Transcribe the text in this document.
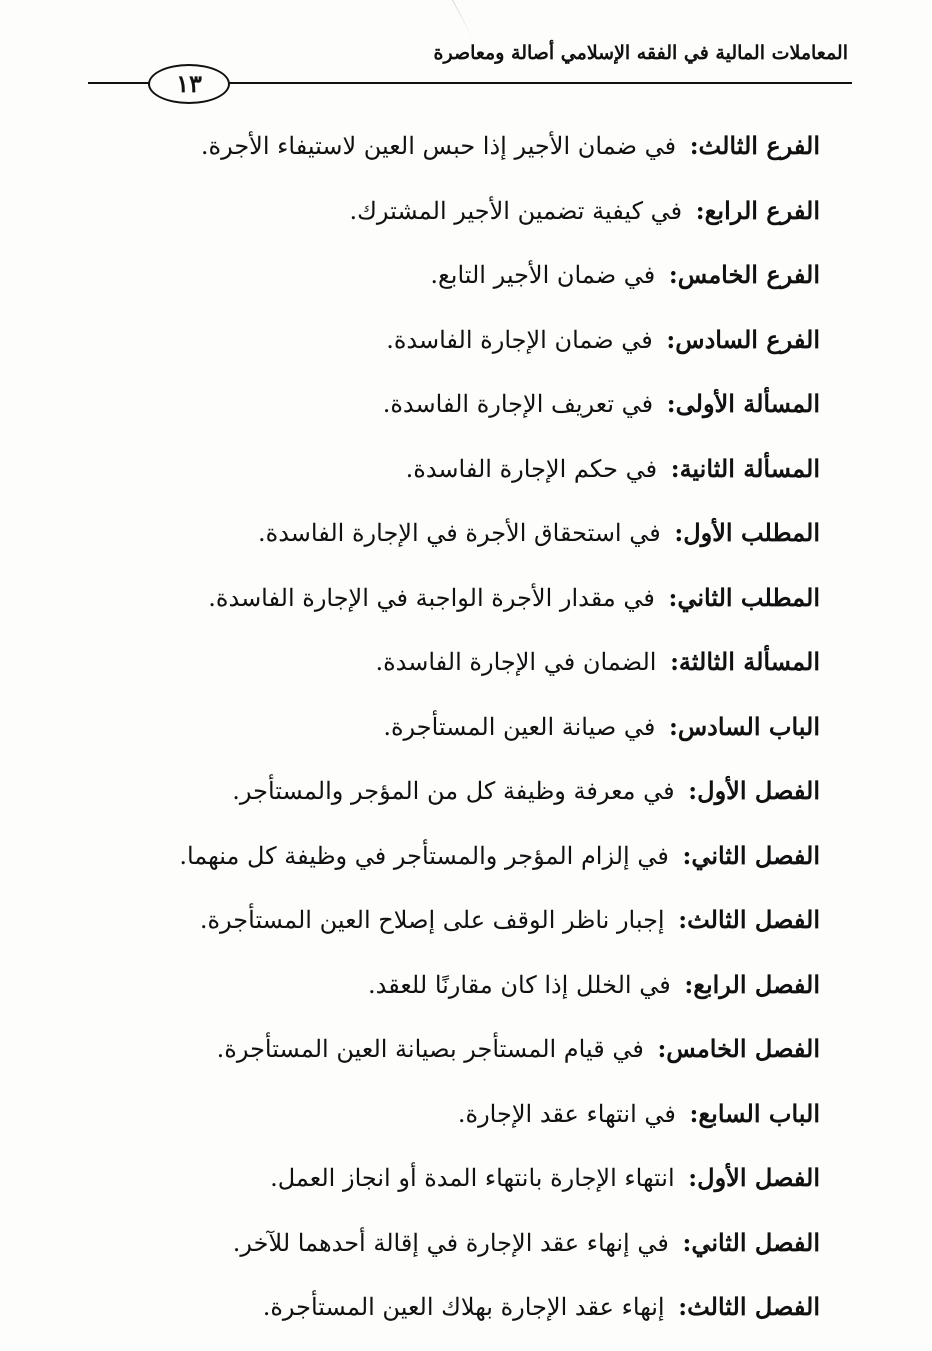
المعاملات المالية في الفقه الإسلامي أصالة ومعاصرة
١٣
الفرع الثالث: في ضمان الأجير إذا حبس العين لاستيفاء الأجرة.
الفرع الرابع: في كيفية تضمين الأجير المشترك.
الفرع الخامس: في ضمان الأجير التابع.
الفرع السادس: في ضمان الإجارة الفاسدة.
المسألة الأولى: في تعريف الإجارة الفاسدة.
المسألة الثانية: في حكم الإجارة الفاسدة.
المطلب الأول: في استحقاق الأجرة في الإجارة الفاسدة.
المطلب الثاني: في مقدار الأجرة الواجبة في الإجارة الفاسدة.
المسألة الثالثة: الضمان في الإجارة الفاسدة.
الباب السادس: في صيانة العين المستأجرة.
الفصل الأول: في معرفة وظيفة كل من المؤجر والمستأجر.
الفصل الثاني: في إلزام المؤجر والمستأجر في وظيفة كل منهما.
الفصل الثالث: إجبار ناظر الوقف على إصلاح العين المستأجرة.
الفصل الرابع: في الخلل إذا كان مقارنًا للعقد.
الفصل الخامس: في قيام المستأجر بصيانة العين المستأجرة.
الباب السابع: في انتهاء عقد الإجارة.
الفصل الأول: انتهاء الإجارة بانتهاء المدة أو انجاز العمل.
الفصل الثاني: في إنهاء عقد الإجارة في إقالة أحدهما للآخر.
الفصل الثالث: إنهاء عقد الإجارة بهلاك العين المستأجرة.
